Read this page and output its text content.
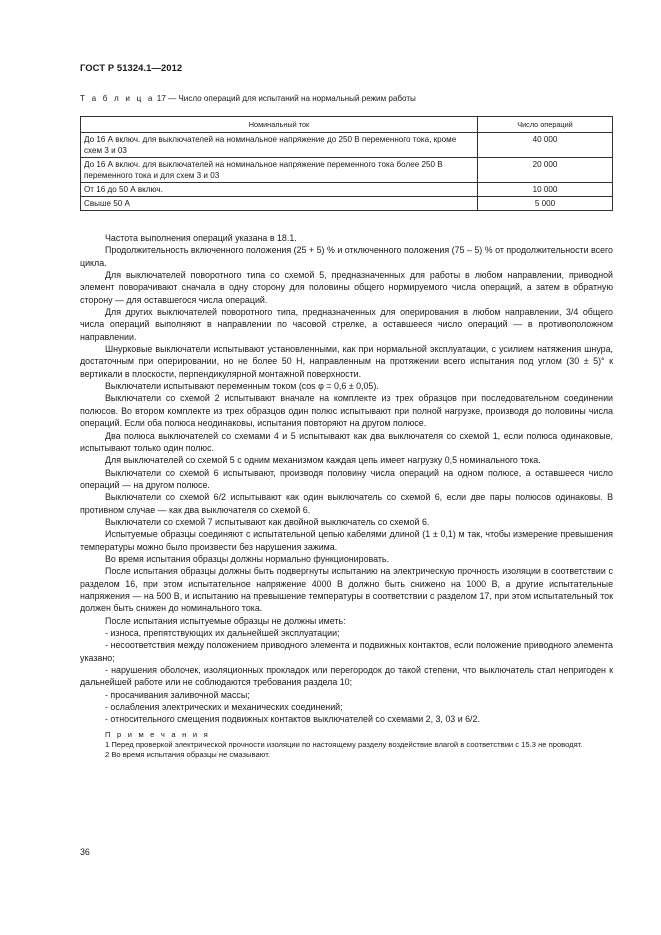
ГОСТ Р 51324.1—2012
Т а б л и ц а 17 — Число операций для испытаний на нормальный режим работы
Номинальный ток	Число операций
До 16 А включ. для выключателей на номинальное напряжение до 250 В переменного тока, кроме схем 3 и 03	40 000
До 16 А включ. для выключателей на номинальное напряжение переменного тока более 250 В переменного тока и для схем 3 и 03	20 000
От 16 до 50 А включ.	10 000
Свыше 50 А	5 000

Частота выполнения операций указана в 18.1.

Продолжительность включенного положения (25 + 5) % и отключенного положения (75 – 5) % от продолжительности всего цикла.

Для выключателей поворотного типа со схемой 5, предназначенных для работы в любом направлении, приводной элемент поворачивают сначала в одну сторону для половины общего нормируемого числа операций, а затем в обратную сторону — для оставшегося числа операций.

Для других выключателей поворотного типа, предназначенных для оперирования в любом направлении, 3/4 общего числа операций выполняют в направлении по часовой стрелке, а оставшееся число операций — в противоположном направлении.

Шнурковые выключатели испытывают установленными, как при нормальной эксплуатации, с усилием натяжения шнура, достаточным при оперировании, но не более 50 Н, направленным на протяжении всего испытания под углом (30 ± 5)° к вертикали в плоскости, перпендикулярной монтажной поверхности.

Выключатели испытывают переменным током (cos φ = 0,6 ± 0,05).

Выключатели со схемой 2 испытывают вначале на комплекте из трех образцов при последовательном соединении полюсов. Во втором комплекте из трех образцов один полюс испытывают при полной нагрузке, производя до половины числа операций. Если оба полюса неодинаковы, испытания повторяют на другом полюсе.

Два полюса выключателей со схемами 4 и 5 испытывают как два выключателя со схемой 1, если полюса одинаковые, испытывают только один полюс.

Для выключателей со схемой 5 с одним механизмом каждая цепь имеет нагрузку 0,5 номинального тока.

Выключатели со схемой 6 испытывают, производя половину числа операций на одном полюсе, а оставшееся число операций — на другом полюсе.

Выключатели со схемой 6/2 испытывают как один выключатель со схемой 6, если две пары полюсов одинаковы. В противном случае — как два выключателя со схемой 6.

Выключатели со схемой 7 испытывают как двойной выключатель со схемой 6.

Испытуемые образцы соединяют с испытательной цепью кабелями длиной (1 ± 0,1) м так, чтобы измерение превышения температуры можно было произвести без нарушения зажима.

Во время испытания образцы должны нормально функционировать.

После испытания образцы должны быть подвергнуты испытанию на электрическую прочность изоляции в соответствии с разделом 16, при этом испытательное напряжение 4000 В должно быть снижено на 1000 В, а другие испытательные напряжения — на 500 В, и испытанию на превышение температуры в соответствии с разделом 17, при этом испытательный ток должен быть снижен до номинального тока.

После испытания испытуемые образцы не должны иметь:

- износа, препятствующих их дальнейшей эксплуатации;

- несоответствия между положением приводного элемента и подвижных контактов, если положение приводного элемента указано;

- нарушения оболочек, изоляционных прокладок или перегородок до такой степени, что выключатель стал непригоден к дальнейшей работе или не соблюдаются требования раздела 10;

- просачивания заливочной массы;

- ослабления электрических и механических соединений;

- относительного смещения подвижных контактов выключателей со схемами 2, 3, 03 и 6/2.

П р и м е ч а н и я

1 Перед проверкой электрической прочности изоляции по настоящему разделу воздействие влагой в соответствии с 15.3 не проводят.

2 Во время испытания образцы не смазывают.

36
